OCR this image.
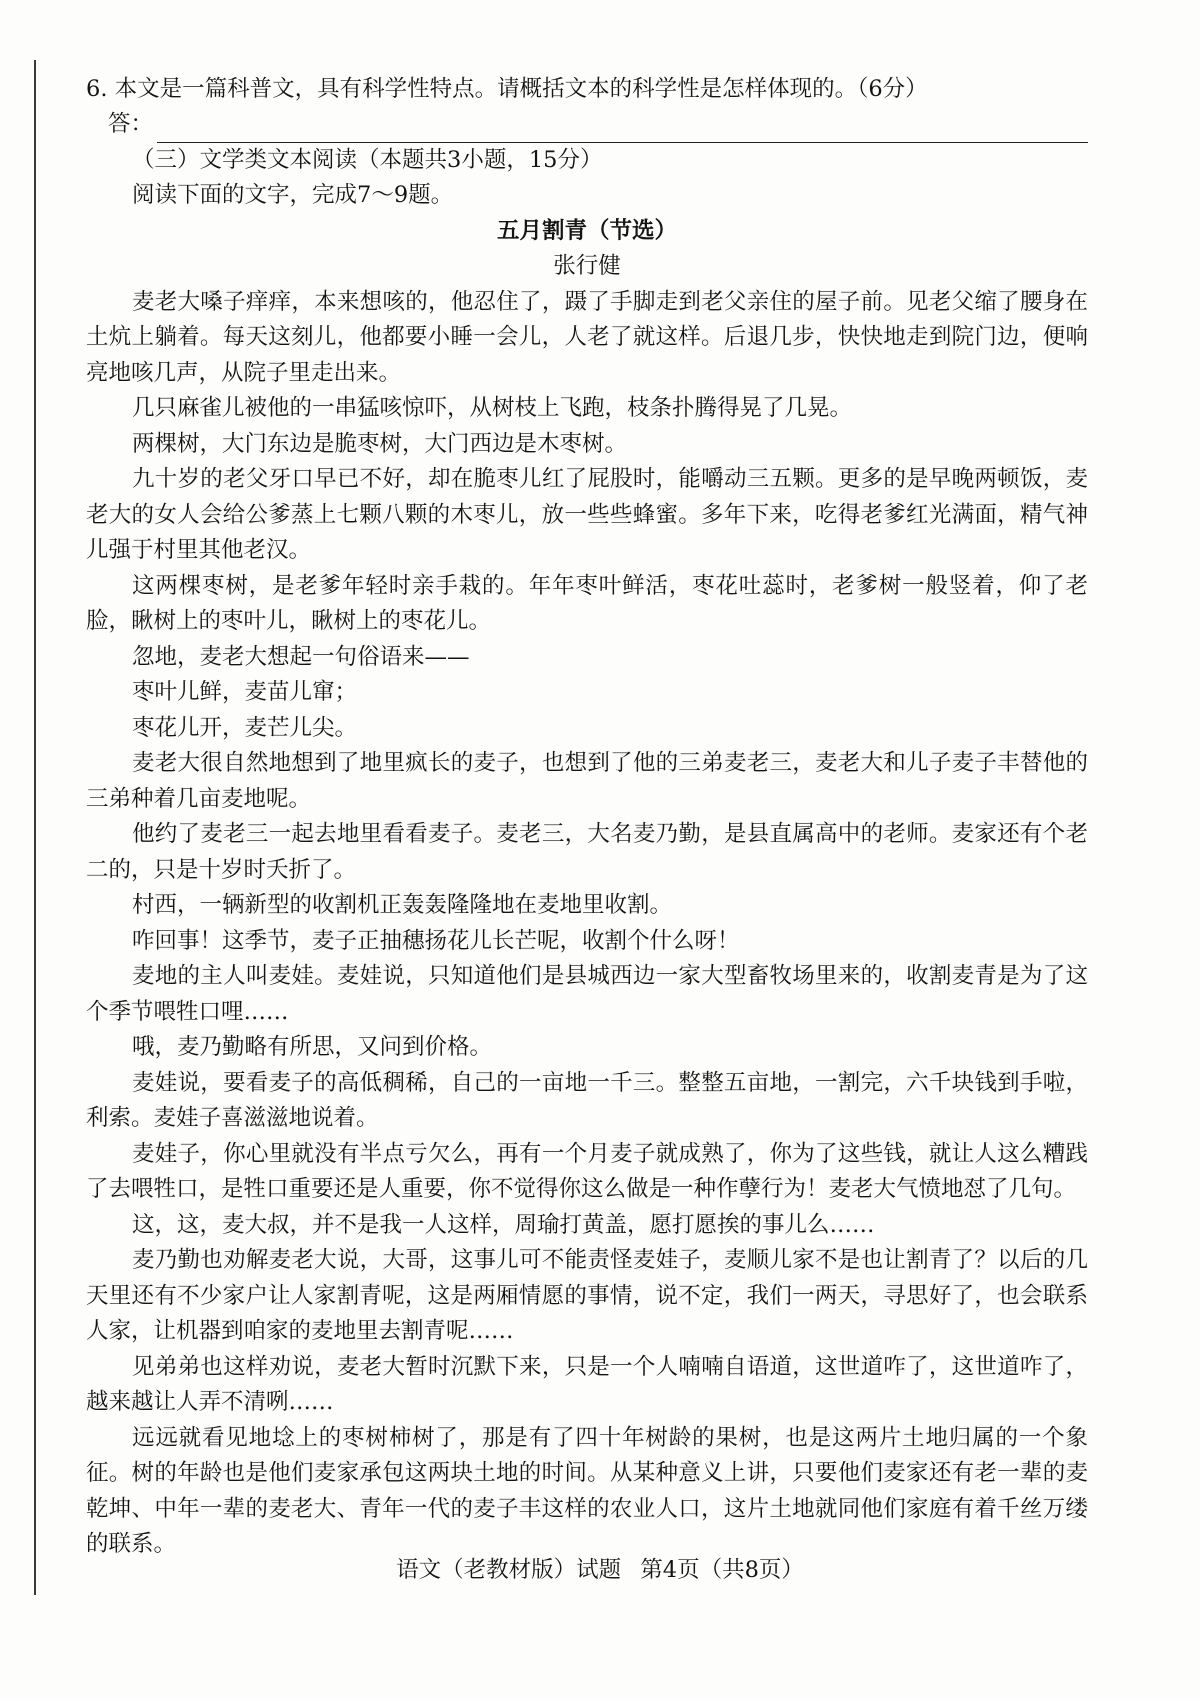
6. 本文是一篇科普文，具有科学性特点。请概括文本的科学性是怎样体现的。（6分）
答：
（三）文学类文本阅读（本题共3小题，15分）
阅读下面的文字，完成7～9题。
五月割青（节选）
张行健

麦老大嗓子痒痒，本来想咳的，他忍住了，蹑了手脚走到老父亲住的屋子前。见老父缩了腰身在土炕上躺着。每天这刻儿，他都要小睡一会儿，人老了就这样。后退几步，快快地走到院门边，便响亮地咳几声，从院子里走出来。

几只麻雀儿被他的一串猛咳惊吓，从树枝上飞跑，枝条扑腾得晃了几晃。

两棵树，大门东边是脆枣树，大门西边是木枣树。

九十岁的老父牙口早已不好，却在脆枣儿红了屁股时，能嚼动三五颗。更多的是早晚两顿饭，麦老大的女人会给公爹蒸上七颗八颗的木枣儿，放一些些蜂蜜。多年下来，吃得老爹红光满面，精气神儿强于村里其他老汉。

这两棵枣树，是老爹年轻时亲手栽的。年年枣叶鲜活，枣花吐蕊时，老爹树一般竖着，仰了老脸，瞅树上的枣叶儿，瞅树上的枣花儿。

忽地，麦老大想起一句俗语来——

枣叶儿鲜，麦苗儿窜；
枣花儿开，麦芒儿尖。

麦老大很自然地想到了地里疯长的麦子，也想到了他的三弟麦老三，麦老大和儿子麦子丰替他的三弟种着几亩麦地呢。

他约了麦老三一起去地里看看麦子。麦老三，大名麦乃勤，是县直属高中的老师。麦家还有个老二的，只是十岁时夭折了。

村西，一辆新型的收割机正轰轰隆隆地在麦地里收割。

咋回事！这季节，麦子正抽穗扬花儿长芒呢，收割个什么呀！

麦地的主人叫麦娃。麦娃说，只知道他们是县城西边一家大型畜牧场里来的，收割麦青是为了这个季节喂牲口哩……

哦，麦乃勤略有所思，又问到价格。

麦娃说，要看麦子的高低稠稀，自己的一亩地一千三。整整五亩地，一割完，六千块钱到手啦，利索。麦娃子喜滋滋地说着。

麦娃子，你心里就没有半点亏欠么，再有一个月麦子就成熟了，你为了这些钱，就让人这么糟践了去喂牲口，是牲口重要还是人重要，你不觉得你这么做是一种作孽行为！麦老大气愤地怼了几句。

这，这，麦大叔，并不是我一人这样，周瑜打黄盖，愿打愿挨的事儿么……

麦乃勤也劝解麦老大说，大哥，这事儿可不能责怪麦娃子，麦顺儿家不是也让割青了？以后的几天里还有不少家户让人家割青呢，这是两厢情愿的事情，说不定，我们一两天，寻思好了，也会联系人家，让机器到咱家的麦地里去割青呢……

见弟弟也这样劝说，麦老大暂时沉默下来，只是一个人喃喃自语道，这世道咋了，这世道咋了，越来越让人弄不清咧……

远远就看见地埝上的枣树柿树了，那是有了四十年树龄的果树，也是这两片土地归属的一个象征。树的年龄也是他们麦家承包这两块土地的时间。从某种意义上讲，只要他们麦家还有老一辈的麦乾坤、中年一辈的麦老大、青年一代的麦子丰这样的农业人口，这片土地就同他们家庭有着千丝万缕的联系。

语文（老教材版）试题 第4页（共8页）
